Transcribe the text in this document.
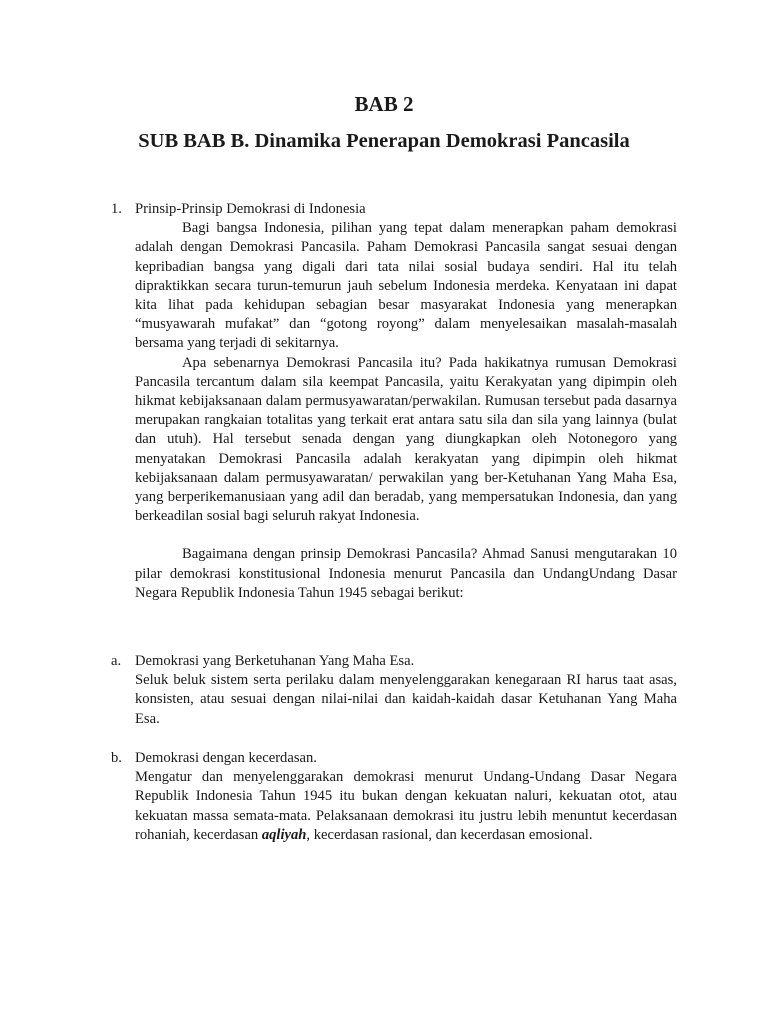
BAB 2
SUB BAB B. Dinamika Penerapan Demokrasi Pancasila
1. Prinsip-Prinsip Demokrasi di Indonesia

Bagi bangsa Indonesia, pilihan yang tepat dalam menerapkan paham demokrasi adalah dengan Demokrasi Pancasila. Paham Demokrasi Pancasila sangat sesuai dengan kepribadian bangsa yang digali dari tata nilai sosial budaya sendiri. Hal itu telah dipraktikkan secara turun-temurun jauh sebelum Indonesia merdeka. Kenyataan ini dapat kita lihat pada kehidupan sebagian besar masyarakat Indonesia yang menerapkan “musyawarah mufakat” dan “gotong royong” dalam menyelesaikan masalah-masalah bersama yang terjadi di sekitarnya.

Apa sebenarnya Demokrasi Pancasila itu? Pada hakikatnya rumusan Demokrasi Pancasila tercantum dalam sila keempat Pancasila, yaitu Kerakyatan yang dipimpin oleh hikmat kebijaksanaan dalam permusyawaratan/perwakilan. Rumusan tersebut pada dasarnya merupakan rangkaian totalitas yang terkait erat antara satu sila dan sila yang lainnya (bulat dan utuh). Hal tersebut senada dengan yang diungkapkan oleh Notonegoro yang menyatakan Demokrasi Pancasila adalah kerakyatan yang dipimpin oleh hikmat kebijaksanaan dalam permusyawaratan/ perwakilan yang ber-Ketuhanan Yang Maha Esa, yang berperikemanusiaan yang adil dan beradab, yang mempersatukan Indonesia, dan yang berkeadilan sosial bagi seluruh rakyat Indonesia.

Bagaimana dengan prinsip Demokrasi Pancasila? Ahmad Sanusi mengutarakan 10 pilar demokrasi konstitusional Indonesia menurut Pancasila dan UndangUndang Dasar Negara Republik Indonesia Tahun 1945 sebagai berikut:

a. Demokrasi yang Berketuhanan Yang Maha Esa.

Seluk beluk sistem serta perilaku dalam menyelenggarakan kenegaraan RI harus taat asas, konsisten, atau sesuai dengan nilai-nilai dan kaidah-kaidah dasar Ketuhanan Yang Maha Esa.

b. Demokrasi dengan kecerdasan.

Mengatur dan menyelenggarakan demokrasi menurut Undang-Undang Dasar Negara Republik Indonesia Tahun 1945 itu bukan dengan kekuatan naluri, kekuatan otot, atau kekuatan massa semata-mata. Pelaksanaan demokrasi itu justru lebih menuntut kecerdasan rohaniah, kecerdasan aqliyah, kecerdasan rasional, dan kecerdasan emosional.
